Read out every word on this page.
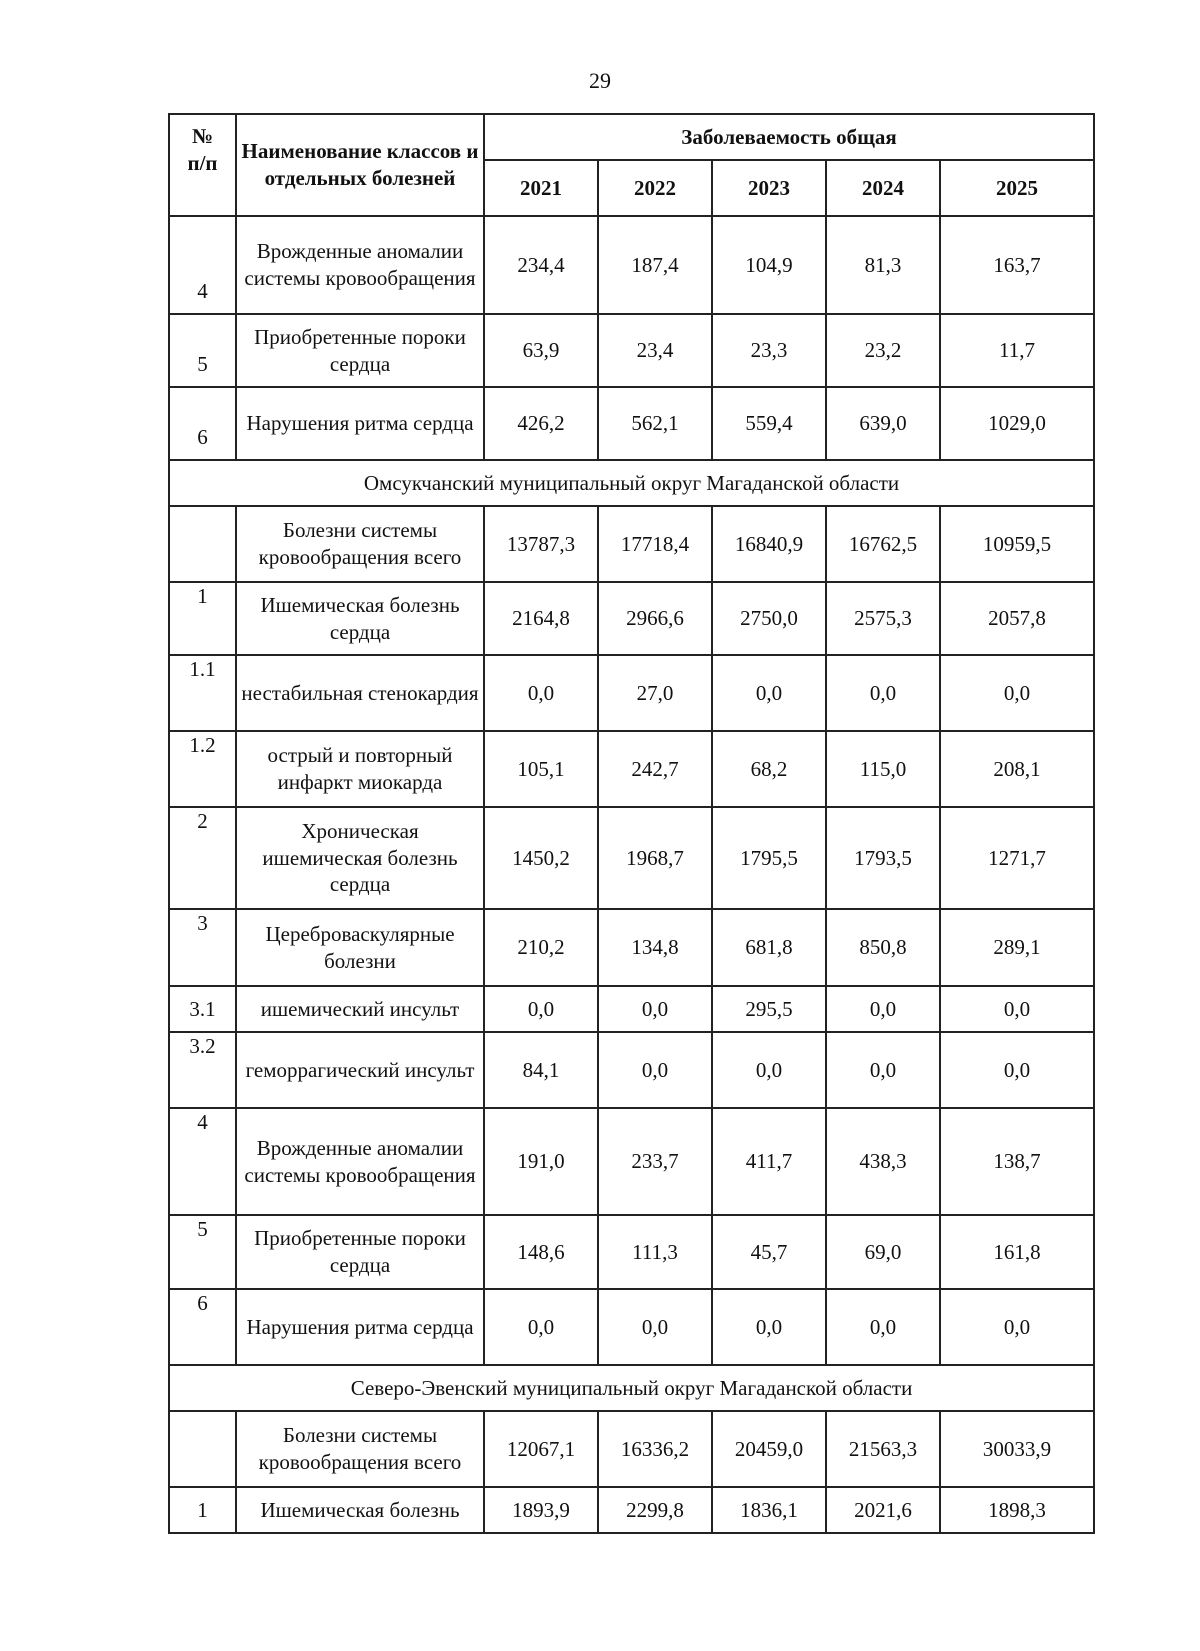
29
№
п/п	Наименование классов и отдельных болезней	Заболеваемость общая				
		2021	2022	2023	2024	2025
4	Врожденные аномалии системы кровообращения	234,4	187,4	104,9	81,3	163,7
5	Приобретенные пороки сердца	63,9	23,4	23,3	23,2	11,7
6	Нарушения ритма сердца	426,2	562,1	559,4	639,0	1029,0
Омсукчанский муниципальный округ Магаданской области						
	Болезни системы кровообращения всего	13787,3	17718,4	16840,9	16762,5	10959,5
1	Ишемическая болезнь сердца	2164,8	2966,6	2750,0	2575,3	2057,8
1.1	нестабильная стенокардия	0,0	27,0	0,0	0,0	0,0
1.2	острый и повторный инфаркт миокарда	105,1	242,7	68,2	115,0	208,1
2	Хроническая ишемическая болезнь сердца	1450,2	1968,7	1795,5	1793,5	1271,7
3	Цереброваскулярные болезни	210,2	134,8	681,8	850,8	289,1
3.1	ишемический инсульт	0,0	0,0	295,5	0,0	0,0
3.2	геморрагический инсульт	84,1	0,0	0,0	0,0	0,0
4	Врожденные аномалии системы кровообращения	191,0	233,7	411,7	438,3	138,7
5	Приобретенные пороки сердца	148,6	111,3	45,7	69,0	161,8
6	Нарушения ритма сердца	0,0	0,0	0,0	0,0	0,0
Северо-Эвенский муниципальный округ Магаданской области						
	Болезни системы кровообращения всего	12067,1	16336,2	20459,0	21563,3	30033,9
1	Ишемическая болезнь	1893,9	2299,8	1836,1	2021,6	1898,3
